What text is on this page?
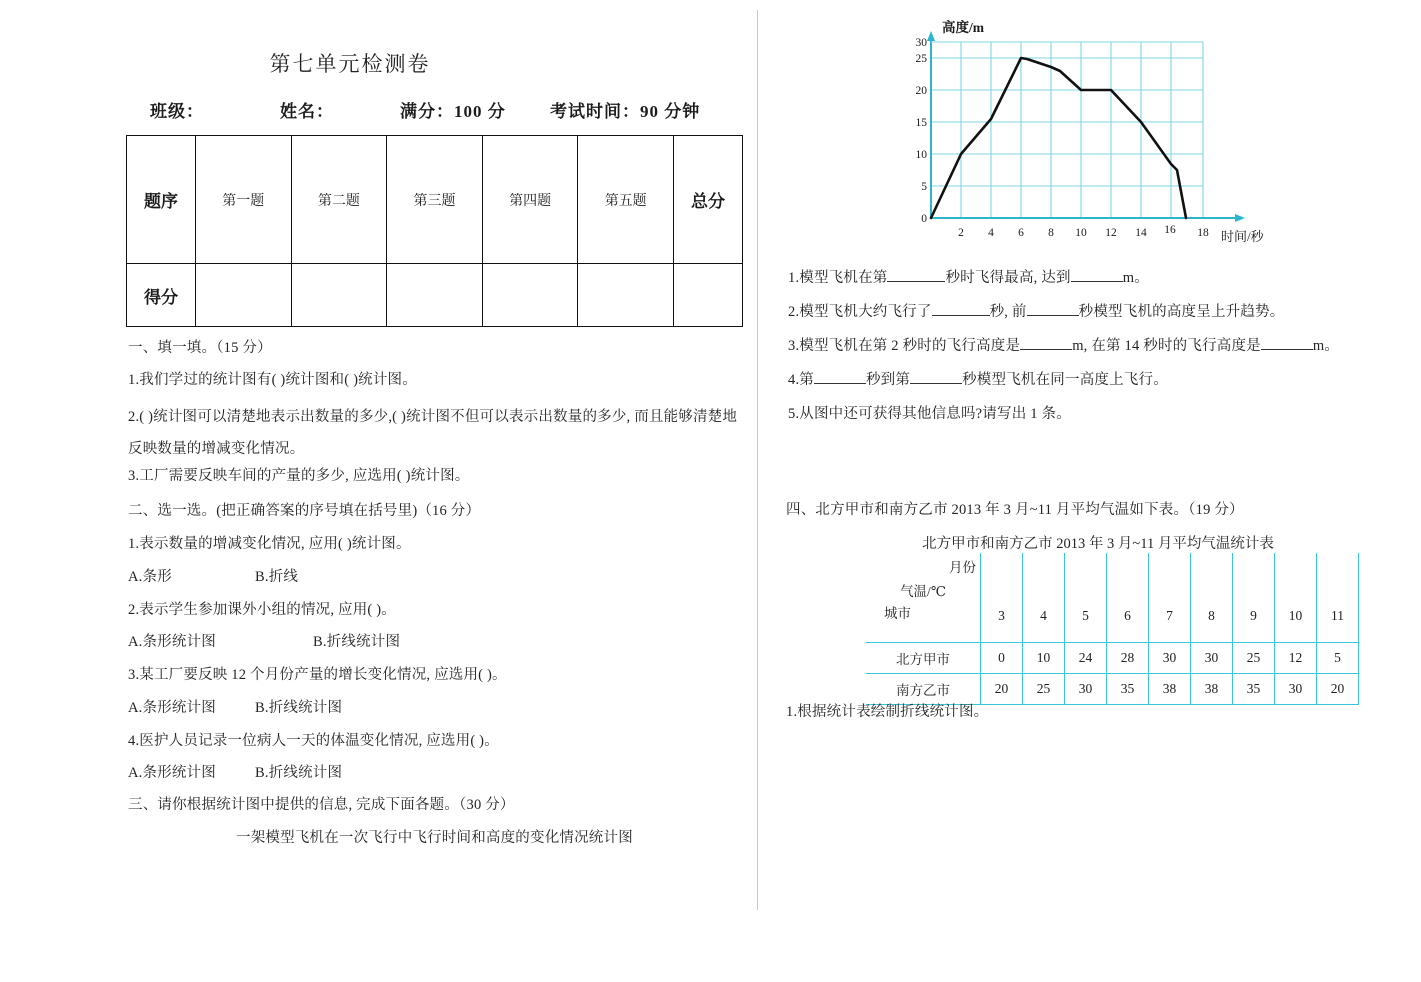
第七单元检测卷
班级：	姓名：	满分：100 分	考试时间：90 分钟
题序	第一题	第二题	第三题	第四题	第五题	总分
得分						
一、填一填。（15 分）
1.我们学过的统计图有( )统计图和( )统计图。
2.( )统计图可以清楚地表示出数量的多少,( )统计图不但可以表示出数量的多少, 而且能够清楚地反映数量的增减变化情况。
3.工厂需要反映车间的产量的多少, 应选用( )统计图。
二、选一选。(把正确答案的序号填在括号里)（16 分）
1.表示数量的增减变化情况, 应用( )统计图。
A.条形	B.折线
2.表示学生参加课外小组的情况, 应用( )。
A.条形统计图	B.折线统计图
3.某工厂要反映 12 个月份产量的增长变化情况, 应选用( )。
A.条形统计图	B.折线统计图
4.医护人员记录一位病人一天的体温变化情况, 应选用( )。
A.条形统计图	B.折线统计图
三、请你根据统计图中提供的信息, 完成下面各题。（30 分）
一架模型飞机在一次飞行中飞行时间和高度的变化情况统计图
0
5
10
15
20
25
30
2 4 6 8 10 12 14 16 18
高度/m
时间/秒
1.模型飞机在第	秒时飞得最高, 达到	m。
2.模型飞机大约飞行了	秒, 前	秒模型飞机的高度呈上升趋势。
3.模型飞机在第 2 秒时的飞行高度是	m, 在第 14 秒时的飞行高度是	m。
4.第	秒到第	秒模型飞机在同一高度上飞行。
5.从图中还可获得其他信息吗?请写出 1 条。
四、北方甲市和南方乙市 2013 年 3 月~11 月平均气温如下表。（19 分）
北方甲市和南方乙市 2013 年 3 月~11 月平均气温统计表
月份
气温/℃
城市	3	4	5	6	7	8	9	10	11
北方甲市	0	10	24	28	30	30	25	12	5
南方乙市	20	25	30	35	38	38	35	30	20
1.根据统计表绘制折线统计图。
